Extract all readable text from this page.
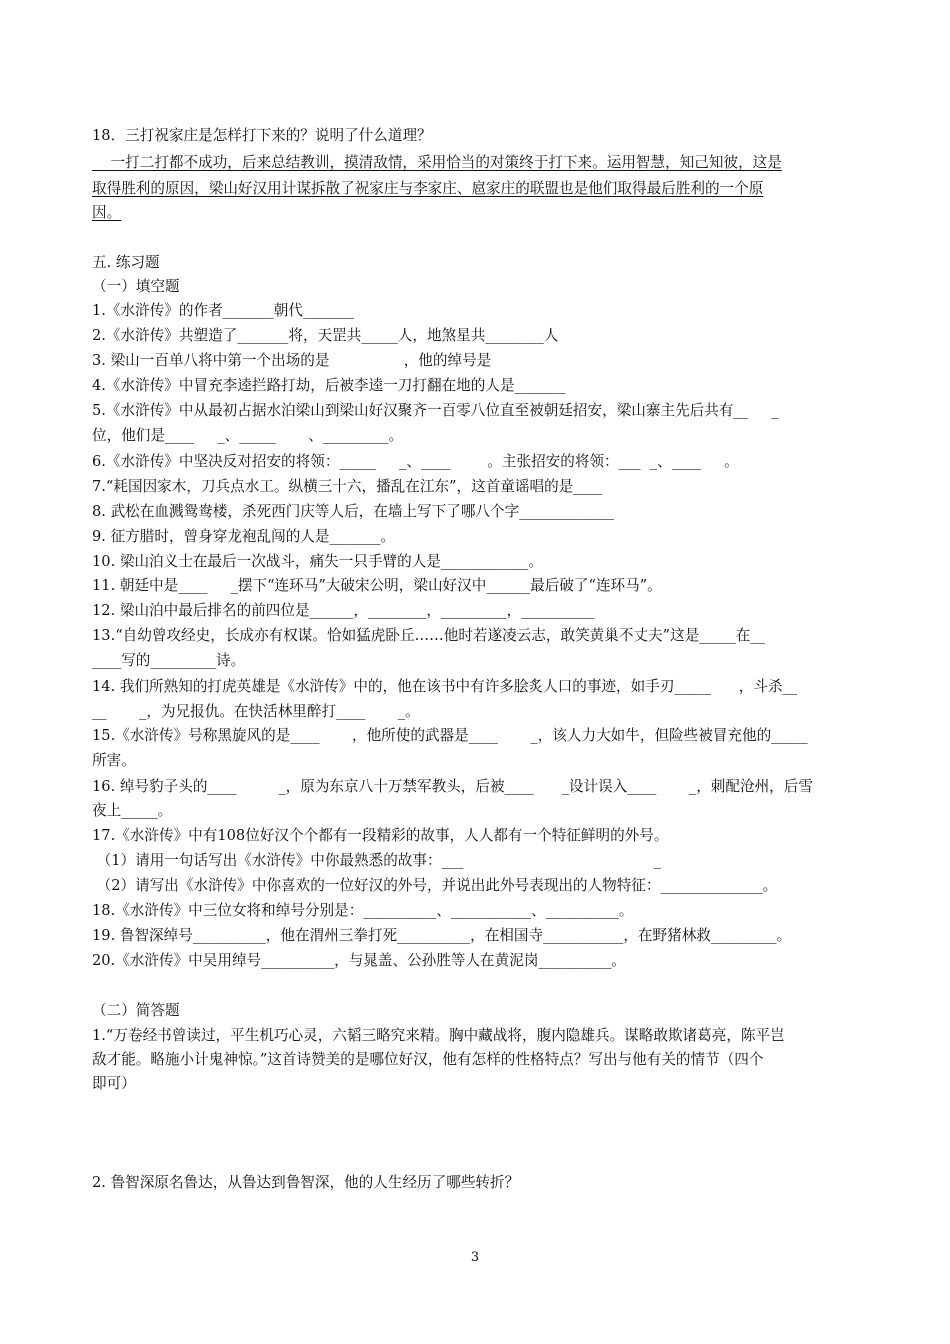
18．三打祝家庄是怎样打下来的？说明了什么道理？
一打二打都不成功，后来总结教训，摸清敌情，采用恰当的对策终于打下来。运用智慧，知己知彼，这是
取得胜利的原因，梁山好汉用计谋拆散了祝家庄与李家庄、扈家庄的联盟也是他们取得最后胜利的一个原
因。
五. 练习题
（一）填空题
1.《水浒传》的作者_______朝代_______
2.《水浒传》共塑造了_______将，天罡共_____人，地煞星共________人
3. 梁山一百单八将中第一个出场的是                ，他的绰号是
4.《水浒传》中冒充李逵拦路打劫，后被李逵一刀打翻在地的人是_______
5.《水浒传》中从最初占据水泊梁山到梁山好汉聚齐一百零八位直至被朝廷招安，梁山寨主先后共有__     _
位，他们是____     _、_____       、_________。
6.《水浒传》中坚决反对招安的将领：_____     _、____        。主张招安的将领：___  _、____     。
7.“耗国因家木，刀兵点水工。纵横三十六，播乱在江东”，这首童谣唱的是____
8. 武松在血溅鸳鸯楼，杀死西门庆等人后，在墙上写下了哪八个字_____________
9. 征方腊时，曾身穿龙袍乱闯的人是_______。
10. 梁山泊义士在最后一次战斗，痛失一只手臂的人是____________。
11. 朝廷中是____     _摆下“连环马”大破宋公明，梁山好汉中______最后破了“连环马”。
12. 梁山泊中最后排名的前四位是______，________，_________，__________
13.“自幼曾攻经史，长成亦有权谋。恰如猛虎卧丘……他时若遂凌云志，敢笑黄巢不丈夫”这是_____在__
____写的_________诗。
14. 我们所熟知的打虎英雄是《水浒传》中的，他在该书中有许多脍炙人口的事迹，如手刃_____      ，斗杀__
__       _，为兄报仇。在快活林里醉打____       _。
15.《水浒传》号称黑旋风的是____       ，他所使的武器是____       _，该人力大如牛，但险些被冒充他的_____
所害。
16. 绰号豹子头的____         _，原为东京八十万禁军教头，后被____      _设计误入____       _，刺配沧州，后雪
夜上_____。
17.《水浒传》中有108位好汉个个都有一段精彩的故事，人人都有一个特征鲜明的外号。
（1）请用一句话写出《水浒传》中你最熟悉的故事：___                                         _
（2）请写出《水浒传》中你喜欢的一位好汉的外号，并说出此外号表现出的人物特征：______________。
18.《水浒传》中三位女将和绰号分别是：__________、___________、__________。
19. 鲁智深绰号__________，他在渭州三拳打死__________，在相国寺___________，在野猪林救_________。
20.《水浒传》中吴用绰号__________，与晁盖、公孙胜等人在黄泥岗__________。
（二）简答题
1.“万卷经书曾读过，平生机巧心灵，六韬三略究来精。胸中藏战将，腹内隐雄兵。谋略敢欺诸葛亮，陈平岂
敌才能。略施小计鬼神惊。”这首诗赞美的是哪位好汉，他有怎样的性格特点？写出与他有关的情节（四个
即可）
2. 鲁智深原名鲁达，从鲁达到鲁智深，他的人生经历了哪些转折？
3
